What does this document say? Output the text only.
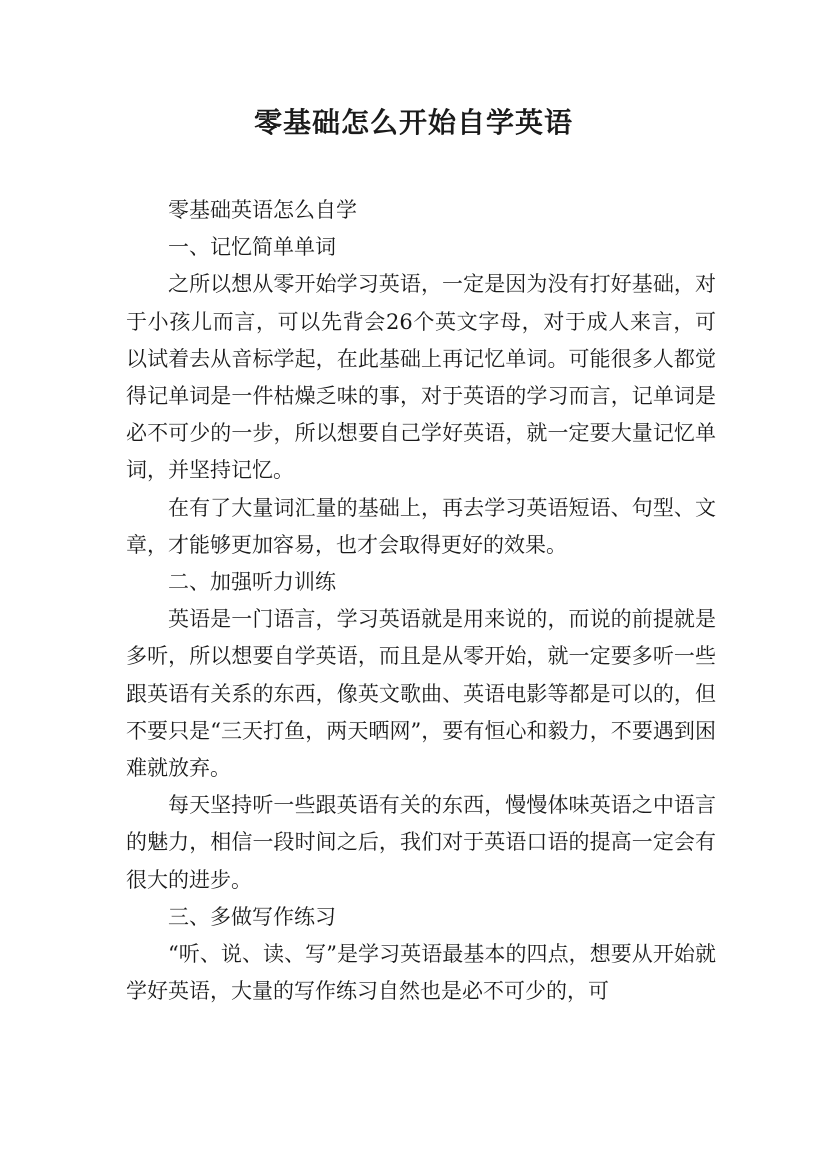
零基础怎么开始自学英语

零基础英语怎么自学

一、记忆简单单词

之所以想从零开始学习英语，一定是因为没有打好基础，对于小孩儿而言，可以先背会26个英文字母，对于成人来言，可以试着去从音标学起，在此基础上再记忆单词。可能很多人都觉得记单词是一件枯燥乏味的事，对于英语的学习而言，记单词是必不可少的一步，所以想要自己学好英语，就一定要大量记忆单词，并坚持记忆。

在有了大量词汇量的基础上，再去学习英语短语、句型、文章，才能够更加容易，也才会取得更好的效果。

二、加强听力训练

英语是一门语言，学习英语就是用来说的，而说的前提就是多听，所以想要自学英语，而且是从零开始，就一定要多听一些跟英语有关系的东西，像英文歌曲、英语电影等都是可以的，但不要只是“三天打鱼，两天晒网”，要有恒心和毅力，不要遇到困难就放弃。

每天坚持听一些跟英语有关的东西，慢慢体味英语之中语言的魅力，相信一段时间之后，我们对于英语口语的提高一定会有很大的进步。

三、多做写作练习

“听、说、读、写”是学习英语最基本的四点，想要从开始就学好英语，大量的写作练习自然也是必不可少的，可
